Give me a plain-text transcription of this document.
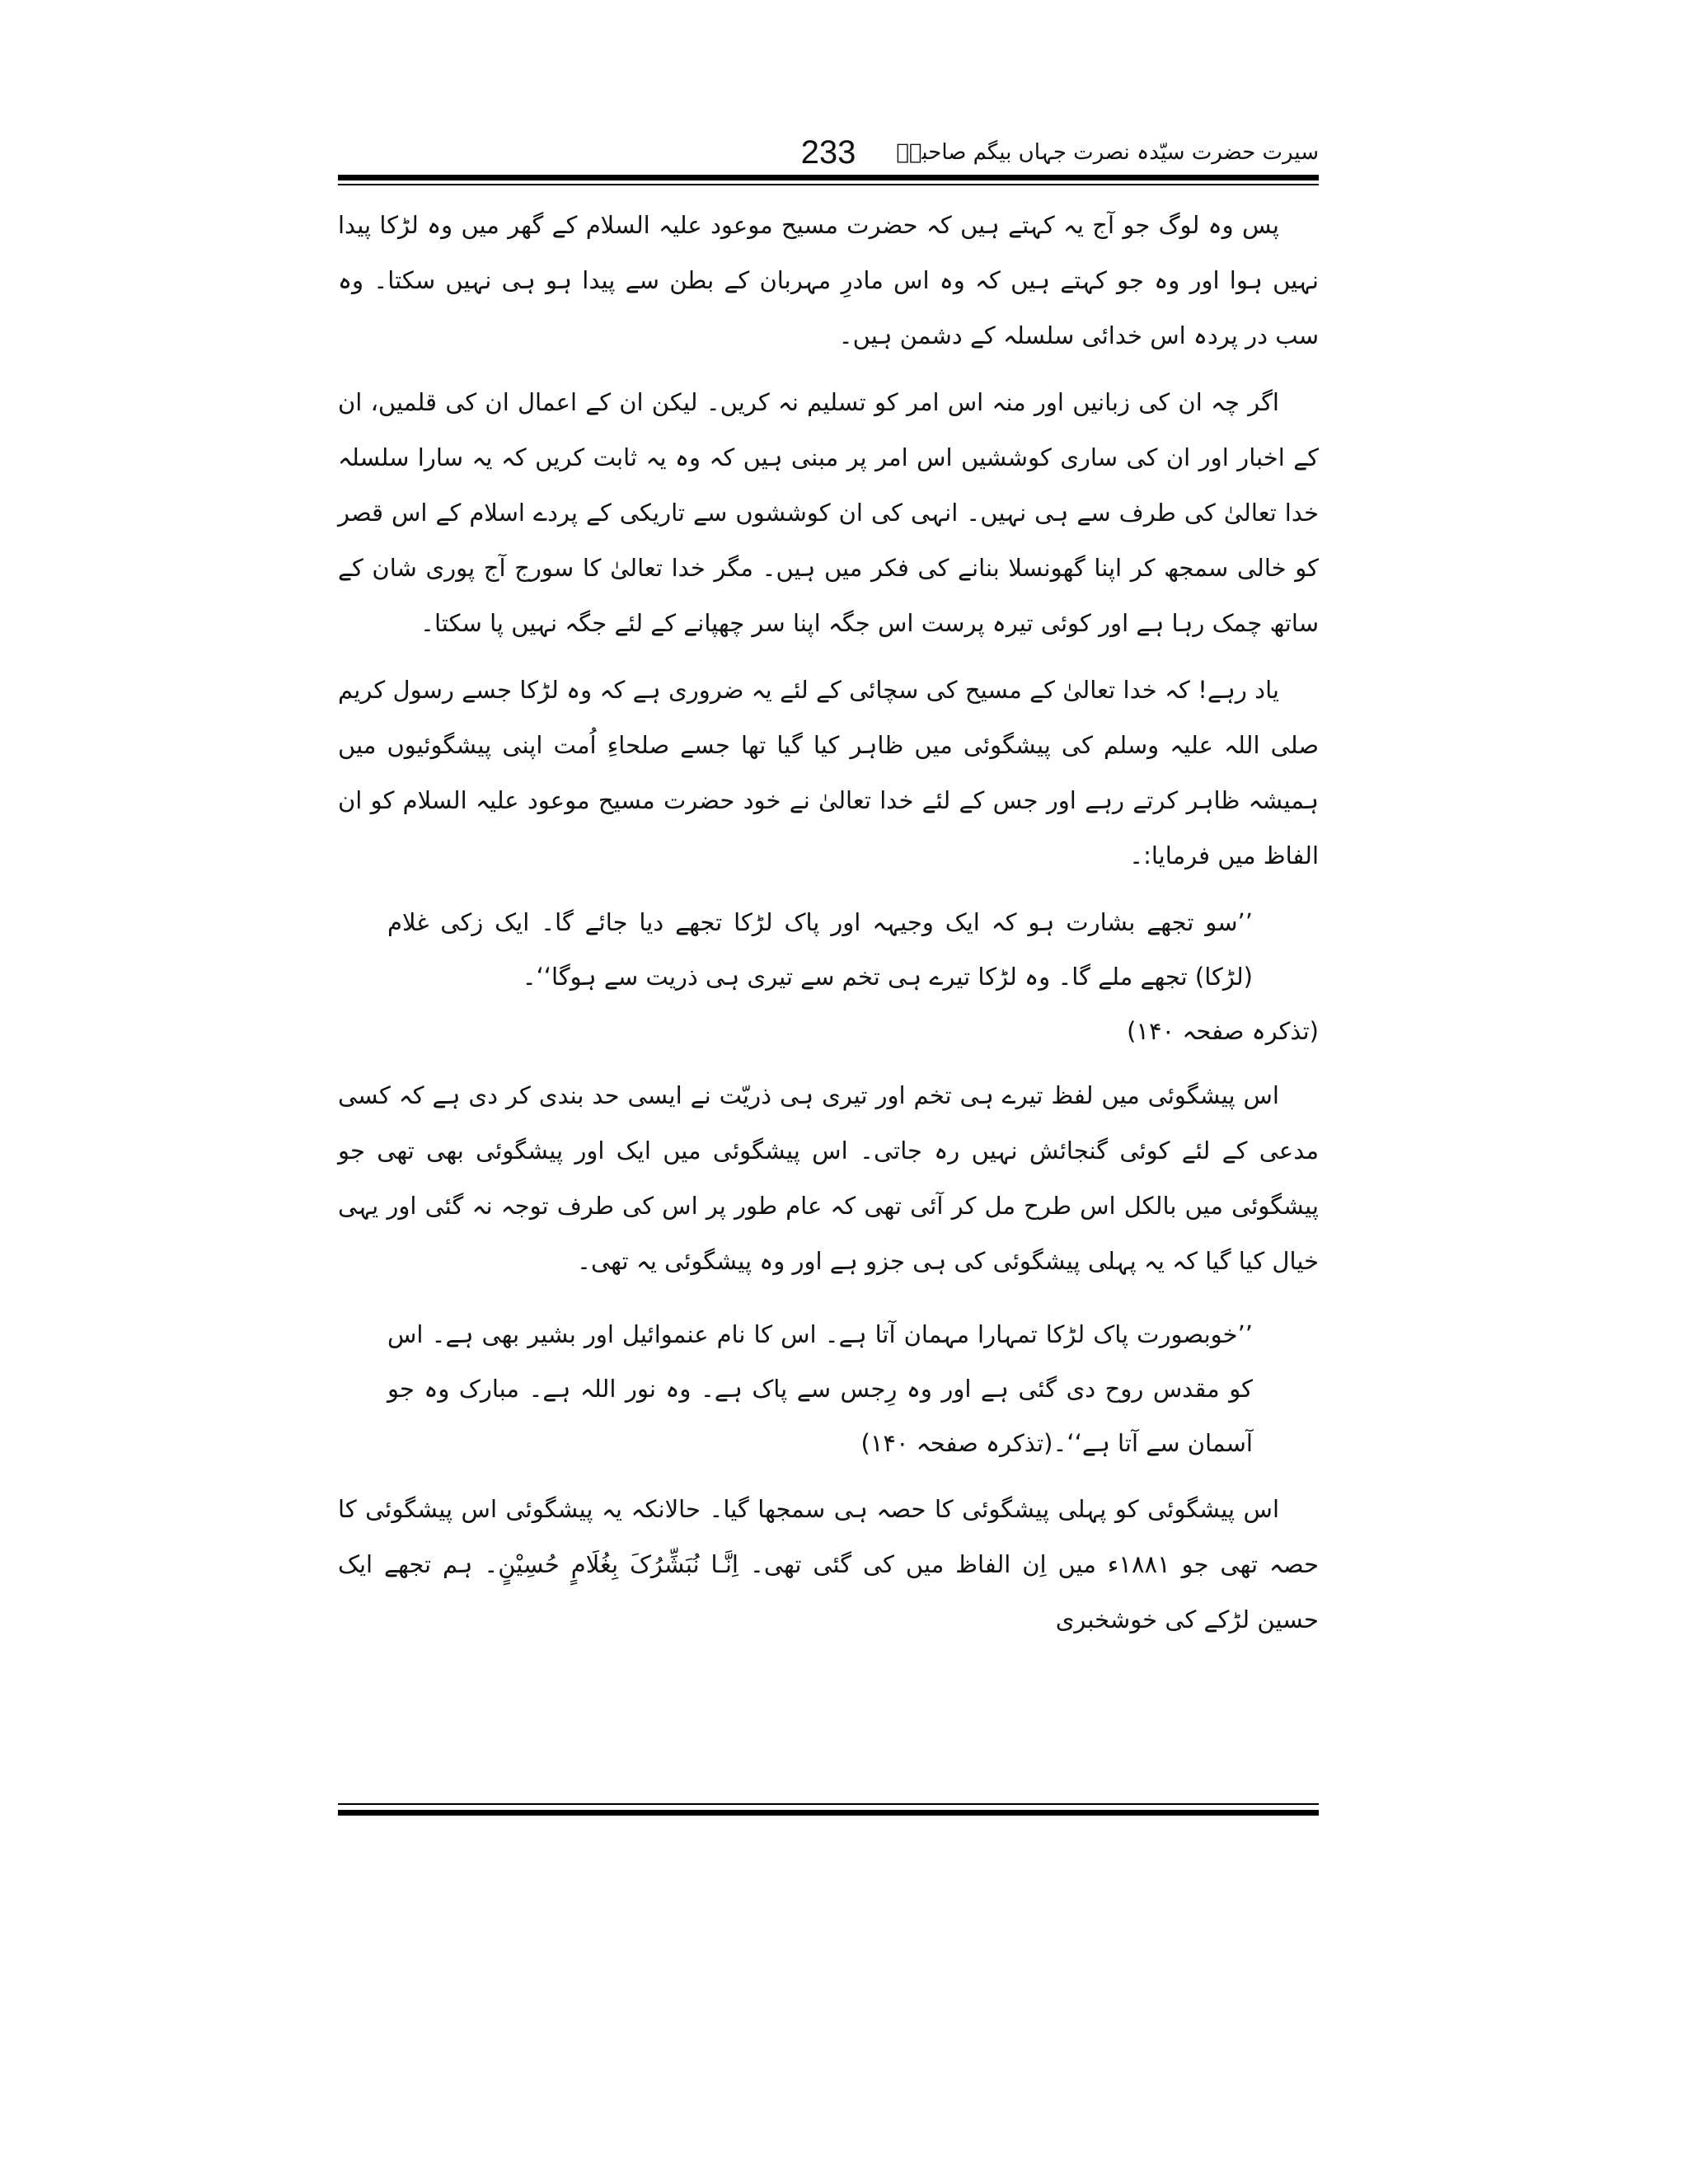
233	سیرت حضرت سیّدہ نصرت جہاں بیگم صاحبہؓ

پس وہ لوگ جو آج یہ کہتے ہیں کہ حضرت مسیح موعود علیہ السلام کے گھر میں وہ لڑکا پیدا نہیں ہوا اور وہ جو کہتے ہیں کہ وہ اس مادرِ مہربان کے بطن سے پیدا ہو ہی نہیں سکتا۔ وہ سب در پردہ اس خدائی سلسلہ کے دشمن ہیں۔

اگر چہ ان کی زبانیں اور منہ اس امر کو تسلیم نہ کریں۔ لیکن ان کے اعمال ان کی قلمیں، ان کے اخبار اور ان کی ساری کوششیں اس امر پر مبنی ہیں کہ وہ یہ ثابت کریں کہ یہ سارا سلسلہ خدا تعالیٰ کی طرف سے ہی نہیں۔ انہی کی ان کوششوں سے تاریکی کے پردے اسلام کے اس قصر کو خالی سمجھ کر اپنا گھونسلا بنانے کی فکر میں ہیں۔ مگر خدا تعالیٰ کا سورج آج پوری شان کے ساتھ چمک رہا ہے اور کوئی تیرہ پرست اس جگہ اپنا سر چھپانے کے لئے جگہ نہیں پا سکتا۔

یاد رہے! کہ خدا تعالیٰ کے مسیح کی سچائی کے لئے یہ ضروری ہے کہ وہ لڑکا جسے رسول کریم صلی اللہ علیہ وسلم کی پیشگوئی میں ظاہر کیا گیا تھا جسے صلحاءِ اُمت اپنی پیشگوئیوں میں ہمیشہ ظاہر کرتے رہے اور جس کے لئے خدا تعالیٰ نے خود حضرت مسیح موعود علیہ السلام کو ان الفاظ میں فرمایا:۔

’’سو تجھے بشارت ہو کہ ایک وجیہہ اور پاک لڑکا تجھے دیا جائے گا۔ ایک زکی غلام (لڑکا) تجھے ملے گا۔ وہ لڑکا تیرے ہی تخم سے تیری ہی ذریت سے ہوگا‘‘۔

(تذکرہ صفحہ ۱۴۰)

اس پیشگوئی میں لفظ تیرے ہی تخم اور تیری ہی ذریّت نے ایسی حد بندی کر دی ہے کہ کسی مدعی کے لئے کوئی گنجائش نہیں رہ جاتی۔ اس پیشگوئی میں ایک اور پیشگوئی بھی تھی جو پیشگوئی میں بالکل اس طرح مل کر آئی تھی کہ عام طور پر اس کی طرف توجہ نہ گئی اور یہی خیال کیا گیا کہ یہ پہلی پیشگوئی کی ہی جزو ہے اور وہ پیشگوئی یہ تھی۔

’’خوبصورت پاک لڑکا تمہارا مہمان آتا ہے۔ اس کا نام عنموائیل اور بشیر بھی ہے۔ اس کو مقدس روح دی گئی ہے اور وہ رِجس سے پاک ہے۔ وہ نور اللہ ہے۔ مبارک وہ جو آسمان سے آتا ہے‘‘۔(تذکرہ صفحہ ۱۴۰)

اس پیشگوئی کو پہلی پیشگوئی کا حصہ ہی سمجھا گیا۔ حالانکہ یہ پیشگوئی اس پیشگوئی کا حصہ تھی جو ۱۸۸۱ء میں اِن الفاظ میں کی گئی تھی۔ اِنَّـا نُبَشِّرُکَ بِغُلَامٍ حُسِيْنٍ۔ ہم تجھے ایک حسین لڑکے کی خوشخبری
